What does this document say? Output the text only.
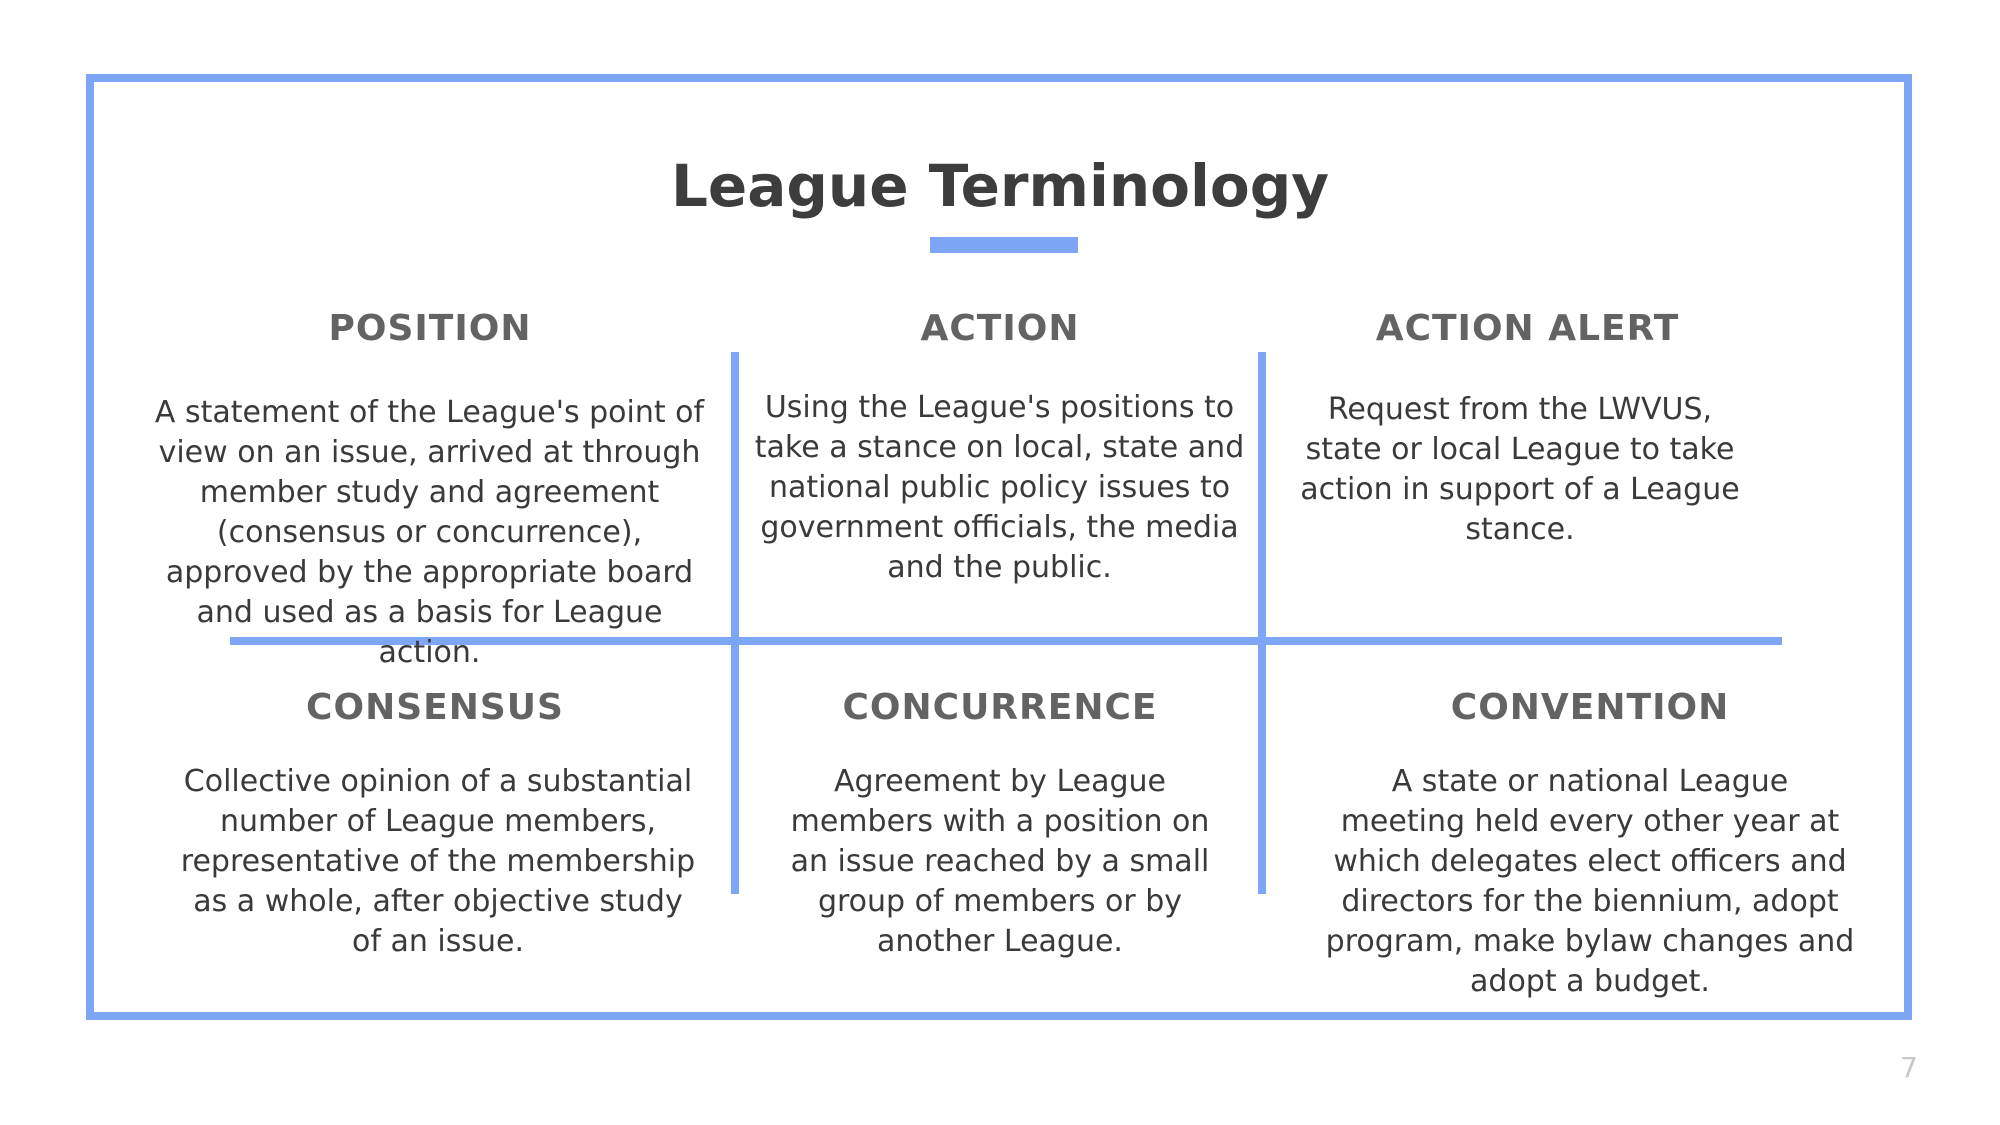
League Terminology
POSITION
A statement of the League's point of view on an issue, arrived at through member study and agreement (consensus or concurrence), approved by the appropriate board and used as a basis for League action.
ACTION
Using the League's positions to take a stance on local, state and national public policy issues to government officials, the media and the public.
ACTION ALERT
Request from the LWVUS, state or local League to take action in support of a League stance.
CONSENSUS
Collective opinion of a substantial number of League members, representative of the membership as a whole, after objective study of an issue.
CONCURRENCE
Agreement by League members with a position on an issue reached by a small group of members or by another League.
CONVENTION
A state or national League meeting held every other year at which delegates elect officers and directors for the biennium, adopt program, make bylaw changes and adopt a budget.
7
